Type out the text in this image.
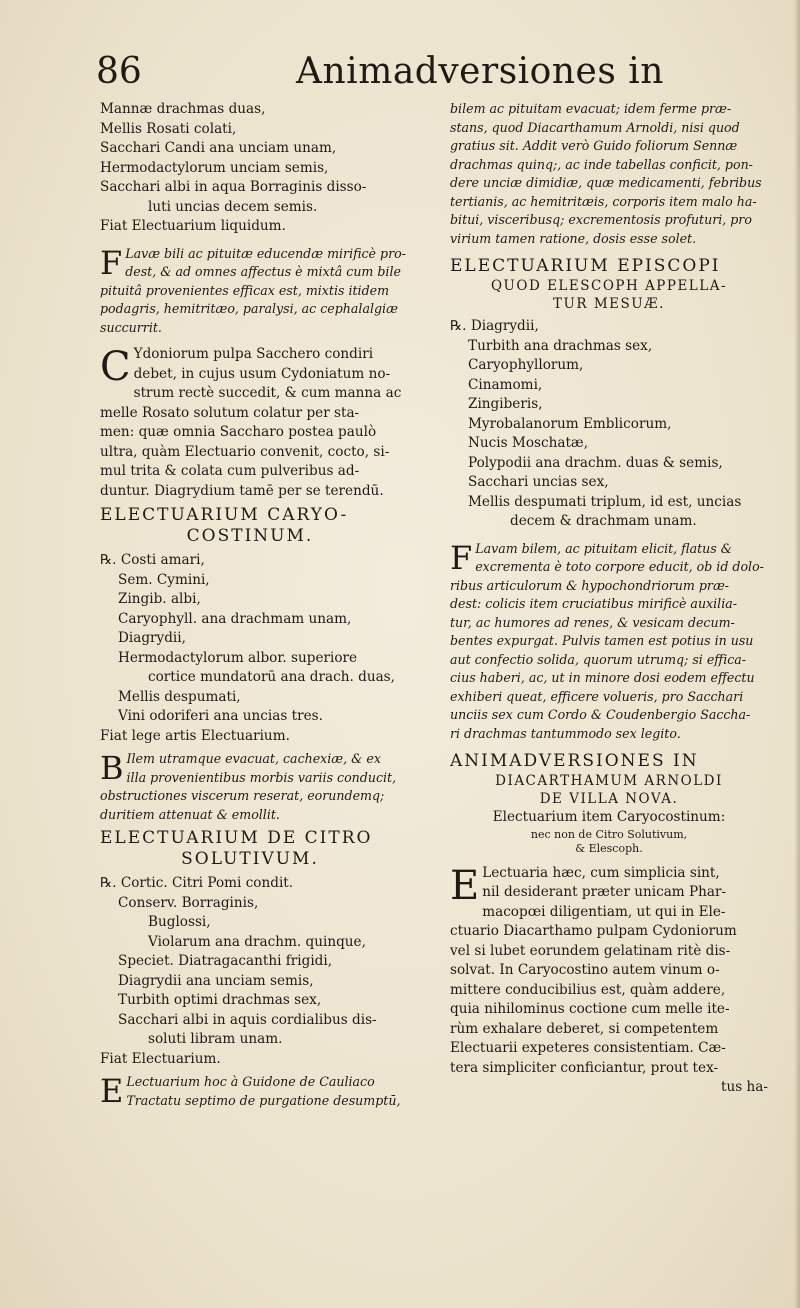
86	Animadversiones in
Mannæ drachmas duas,
Mellis Rosati colati,
Sacchari Candi ana unciam unam,
Hermodactylorum unciam semis,
Sacchari albi in aqua Borraginis disso-
luti uncias decem semis.
Fiat Electuarium liquidum.
F Lavæ bili ac pituitæ educendæ mirificè pro-
dest, & ad omnes affectus è mixtâ cum bile
pituitâ provenientes efficax est, mixtis itidem
podagris, hemitritæo, paralysi, ac cephalalgiæ
succurrit.
C Ydoniorum pulpa Sacchero condiri
debet, in cujus usum Cydoniatum no-
strum rectè succedit, & cum manna ac
melle Rosato solutum colatur per sta-
men: quæ omnia Saccharo postea paulò
ultra, quàm Electuario convenit, cocto, si-
mul trita & colata cum pulveribus ad-
duntur. Diagrydium tamē per se terendū.
ELECTUARIUM CARYO-
COSTINUM.
℞. Costi amari,
Sem. Cymini,
Zingib. albi,
Caryophyll. ana drachmam unam,
Diagrydii,
Hermodactylorum albor. superiore
cortice mundatorū ana drach. duas,
Mellis despumati,
Vini odoriferi ana uncias tres.
Fiat lege artis Electuarium.
B Ilem utramque evacuat, cachexiæ, & ex
illa provenientibus morbis variis conducit,
obstructiones viscerum reserat, eorundemq;
duritiem attenuat & emollit.
ELECTUARIUM DE CITRO
SOLUTIVUM.
℞. Cortic. Citri Pomi condit.
Conserv. Borraginis,
Buglossi,
Violarum ana drachm. quinque,
Speciet. Diatragacanthi frigidi,
Diagrydii ana unciam semis,
Turbith optimi drachmas sex,
Sacchari albi in aquis cordialibus dis-
soluti libram unam.
Fiat Electuarium.
E Lectuarium hoc à Guidone de Cauliaco
Tractatu septimo de purgatione desumptū,
bilem ac pituitam evacuat; idem ferme præ-
stans, quod Diacarthamum Arnoldi, nisi quod
gratius sit. Addit verò Guido foliorum Sennæ
drachmas quinq;, ac inde tabellas conficit, pon-
dere unciæ dimidiæ, quæ medicamenti, febribus
tertianis, ac hemitritæis, corporis item malo ha-
bitui, visceribusq; excrementosis profuturi, pro
virium tamen ratione, dosis esse solet.
ELECTUARIUM EPISCOPI
QUOD ELESCOPH APPELLA-
TUR MESUÆ.
℞. Diagrydii,
Turbith ana drachmas sex,
Caryophyllorum,
Cinamomi,
Zingiberis,
Myrobalanorum Emblicorum,
Nucis Moschatæ,
Polypodii ana drachm. duas & semis,
Sacchari uncias sex,
Mellis despumati triplum, id est, uncias
decem & drachmam unam.
F Lavam bilem, ac pituitam elicit, flatus &
excrementa è toto corpore educit, ob id dolo-
ribus articulorum & hypochondriorum præ-
dest: colicis item cruciatibus mirificè auxilia-
tur, ac humores ad renes, & vesicam decum-
bentes expurgat. Pulvis tamen est potius in usu
aut confectio solida, quorum utrumq; si effica-
cius haberi, ac, ut in minore dosi eodem effectu
exhiberi queat, efficere volueris, pro Sacchari
unciis sex cum Cordo & Coudenbergio Saccha-
ri drachmas tantummodo sex legito.
ANIMADVERSIONES IN
DIACARTHAMUM ARNOLDI
DE VILLA NOVA.
Electuarium item Caryocostinum:
nec non de Citro Solutivum,
& Elescoph.
E Lectuaria hæc, cum simplicia sint,
nil desiderant præter unicam Phar-
macopœi diligentiam, ut qui in Ele-
ctuario Diacarthamo pulpam Cydoniorum
vel si lubet eorundem gelatinam ritè dis-
solvat. In Caryocostino autem vinum o-
mittere conducibilius est, quàm addere,
quia nihilominus coctione cum melle ite-
rùm exhalare deberet, si competentem
Electuarii expeteres consistentiam. Cæ-
tera simpliciter conficiantur, prout tex-
tus ha-
